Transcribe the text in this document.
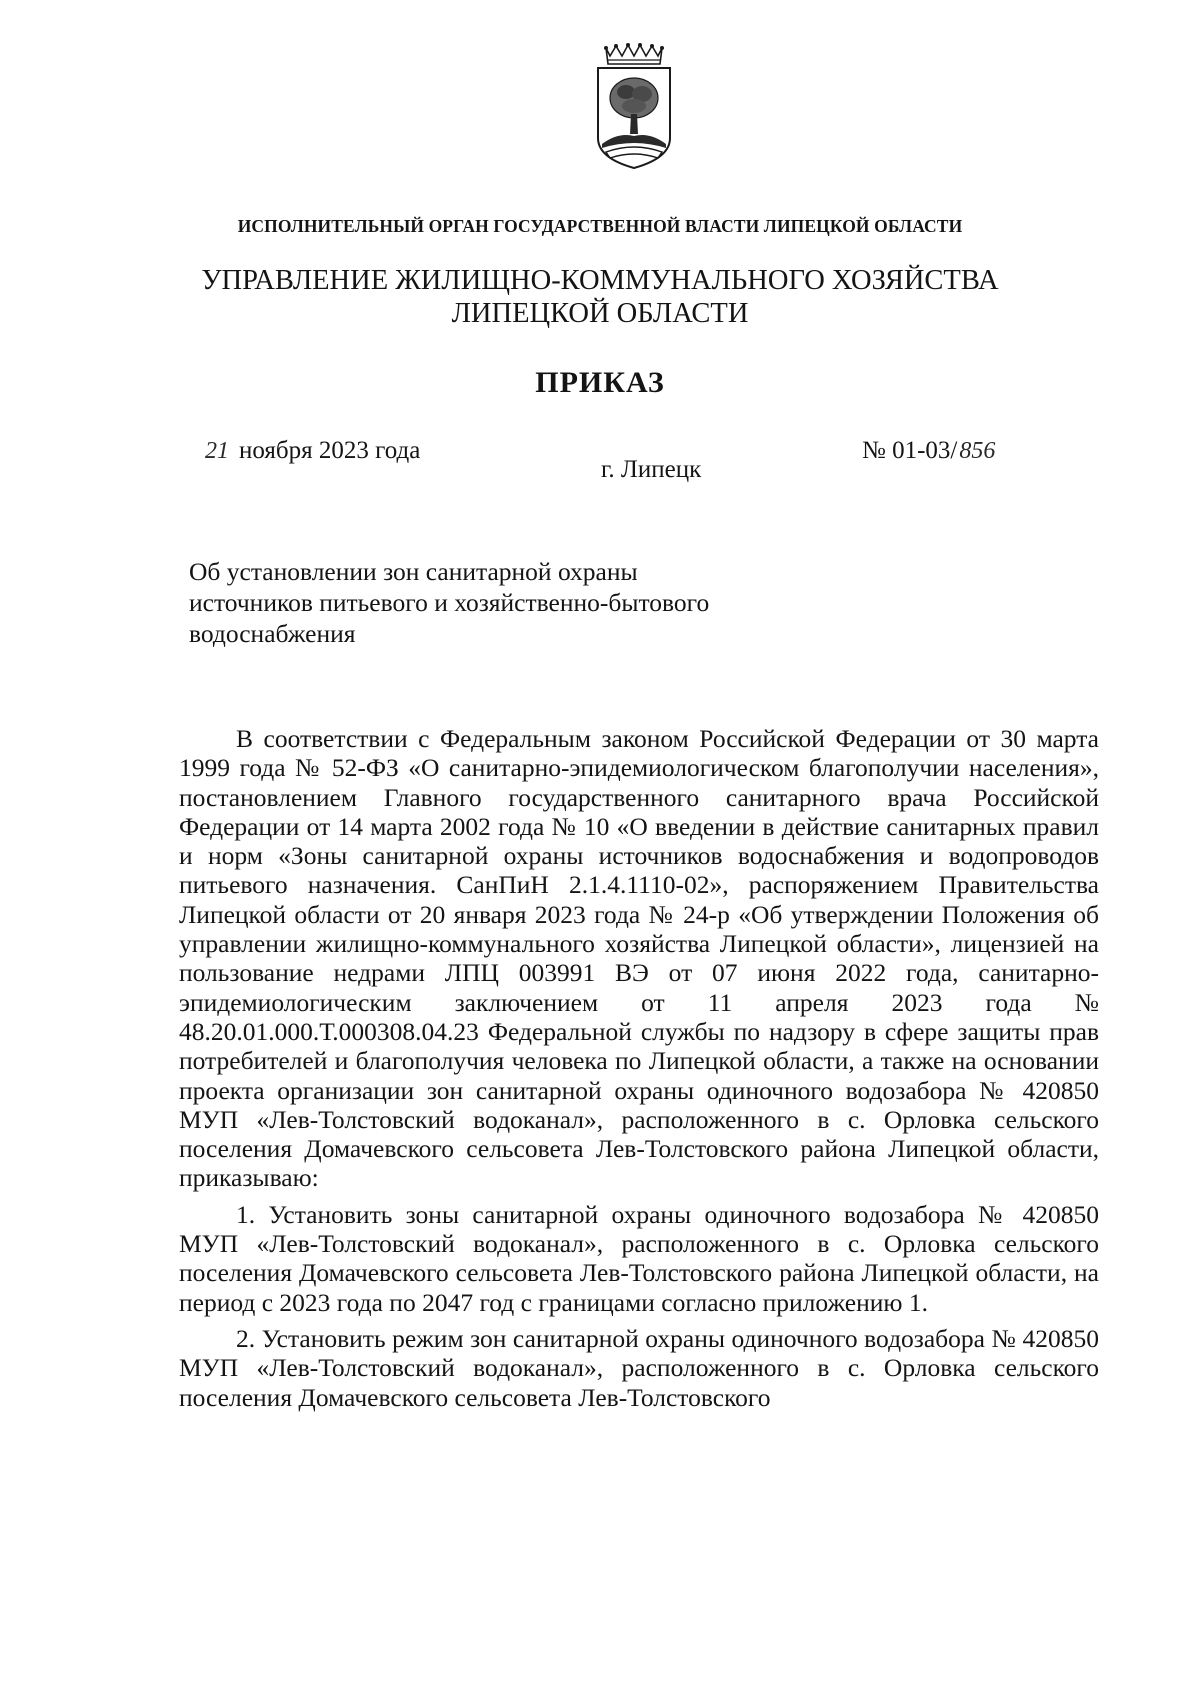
ИСПОЛНИТЕЛЬНЫЙ ОРГАН ГОСУДАРСТВЕННОЙ ВЛАСТИ ЛИПЕЦКОЙ ОБЛАСТИ
УПРАВЛЕНИЕ ЖИЛИЩНО-КОММУНАЛЬНОГО ХОЗЯЙСТВА
ЛИПЕЦКОЙ ОБЛАСТИ
ПРИКАЗ
21 ноября 2023 года
г. Липецк
№ 01-03/856
Об установлении зон санитарной охраны
источников питьевого и хозяйственно-бытового
водоснабжения

В соответствии с Федеральным законом Российской Федерации от 30 марта 1999 года № 52-ФЗ «О санитарно-эпидемиологическом благополучии населения», постановлением Главного государственного санитарного врача Российской Федерации от 14 марта 2002 года № 10 «О введении в действие санитарных правил и норм «Зоны санитарной охраны источников водоснабжения и водопроводов питьевого назначения. СанПиН 2.1.4.1110-02», распоряжением Правительства Липецкой области от 20 января 2023 года № 24-р «Об утверждении Положения об управлении жилищно-коммунального хозяйства Липецкой области», лицензией на пользование недрами ЛПЦ 003991 ВЭ от 07 июня 2022 года, санитарно-эпидемиологическим заключением от 11 апреля 2023 года № 48.20.01.000.Т.000308.04.23 Федеральной службы по надзору в сфере защиты прав потребителей и благополучия человека по Липецкой области, а также на основании проекта организации зон санитарной охраны одиночного водозабора № 420850 МУП «Лев-Толстовский водоканал», расположенного в с. Орловка сельского поселения Домачевского сельсовета Лев-Толстовского района Липецкой области, приказываю:

1. Установить зоны санитарной охраны одиночного водозабора № 420850 МУП «Лев-Толстовский водоканал», расположенного в с. Орловка сельского поселения Домачевского сельсовета Лев-Толстовского района Липецкой области, на период с 2023 года по 2047 год с границами согласно приложению 1.

2. Установить режим зон санитарной охраны одиночного водозабора № 420850 МУП «Лев-Толстовский водоканал», расположенного в с. Орловка сельского поселения Домачевского сельсовета Лев-Толстовского
